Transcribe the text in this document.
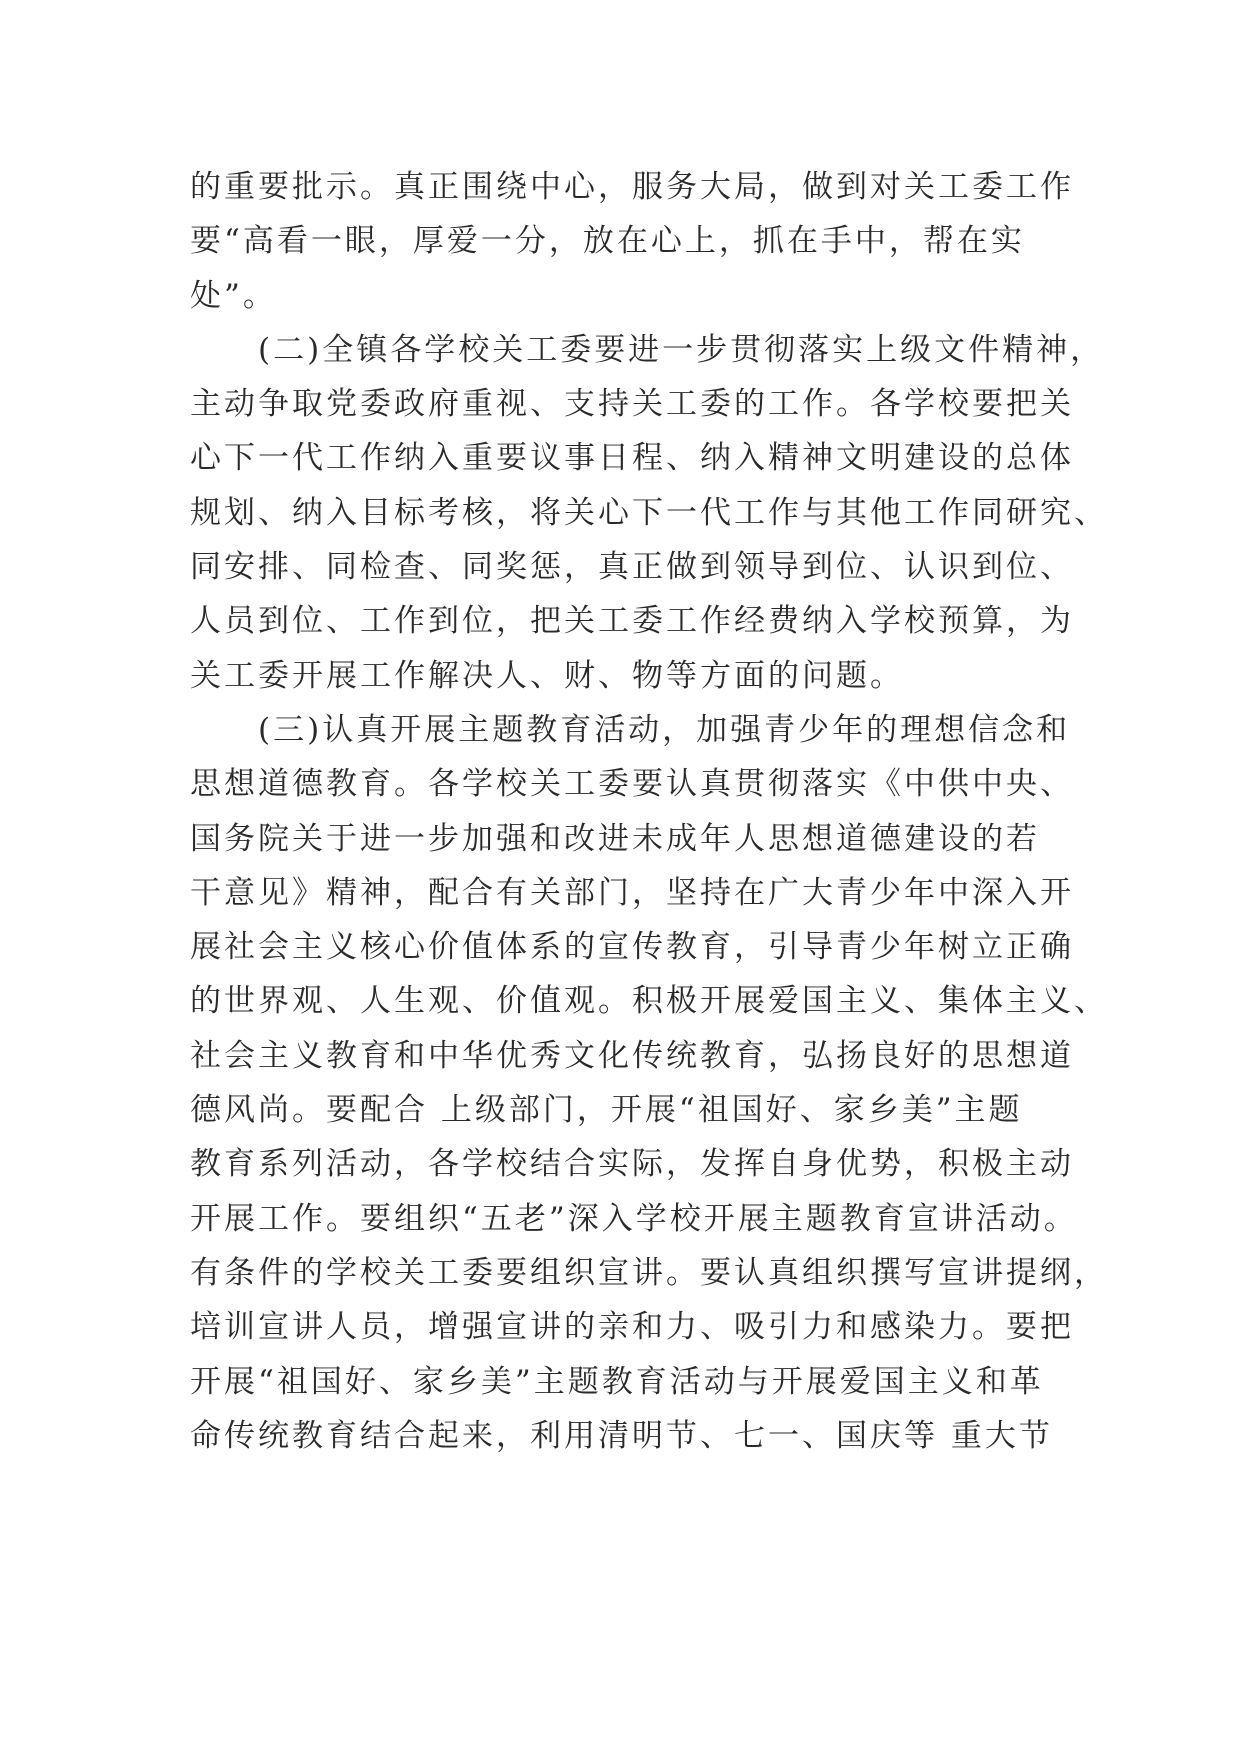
的重要批示。真正围绕中心，服务大局，做到对关工委工作
要“高看一眼，厚爱一分，放在心上，抓在手中，帮在实
处”。
(二)全镇各学校关工委要进一步贯彻落实上级文件精神，
主动争取党委政府重视、支持关工委的工作。各学校要把关
心下一代工作纳入重要议事日程、纳入精神文明建设的总体
规划、纳入目标考核，将关心下一代工作与其他工作同研究、
同安排、同检查、同奖惩，真正做到领导到位、认识到位、
人员到位、工作到位，把关工委工作经费纳入学校预算，为
关工委开展工作解决人、财、物等方面的问题。
(三)认真开展主题教育活动，加强青少年的理想信念和
思想道德教育。各学校关工委要认真贯彻落实《中供中央、
国务院关于进一步加强和改进未成年人思想道德建设的若
干意见》精神，配合有关部门，坚持在广大青少年中深入开
展社会主义核心价值体系的宣传教育，引导青少年树立正确
的世界观、人生观、价值观。积极开展爱国主义、集体主义、
社会主义教育和中华优秀文化传统教育，弘扬良好的思想道
德风尚。要配合 上级部门，开展“祖国好、家乡美”主题
教育系列活动，各学校结合实际，发挥自身优势，积极主动
开展工作。要组织“五老”深入学校开展主题教育宣讲活动。
有条件的学校关工委要组织宣讲。要认真组织撰写宣讲提纲，
培训宣讲人员，增强宣讲的亲和力、吸引力和感染力。要把
开展“祖国好、家乡美”主题教育活动与开展爱国主义和革
命传统教育结合起来，利用清明节、七一、国庆等 重大节
